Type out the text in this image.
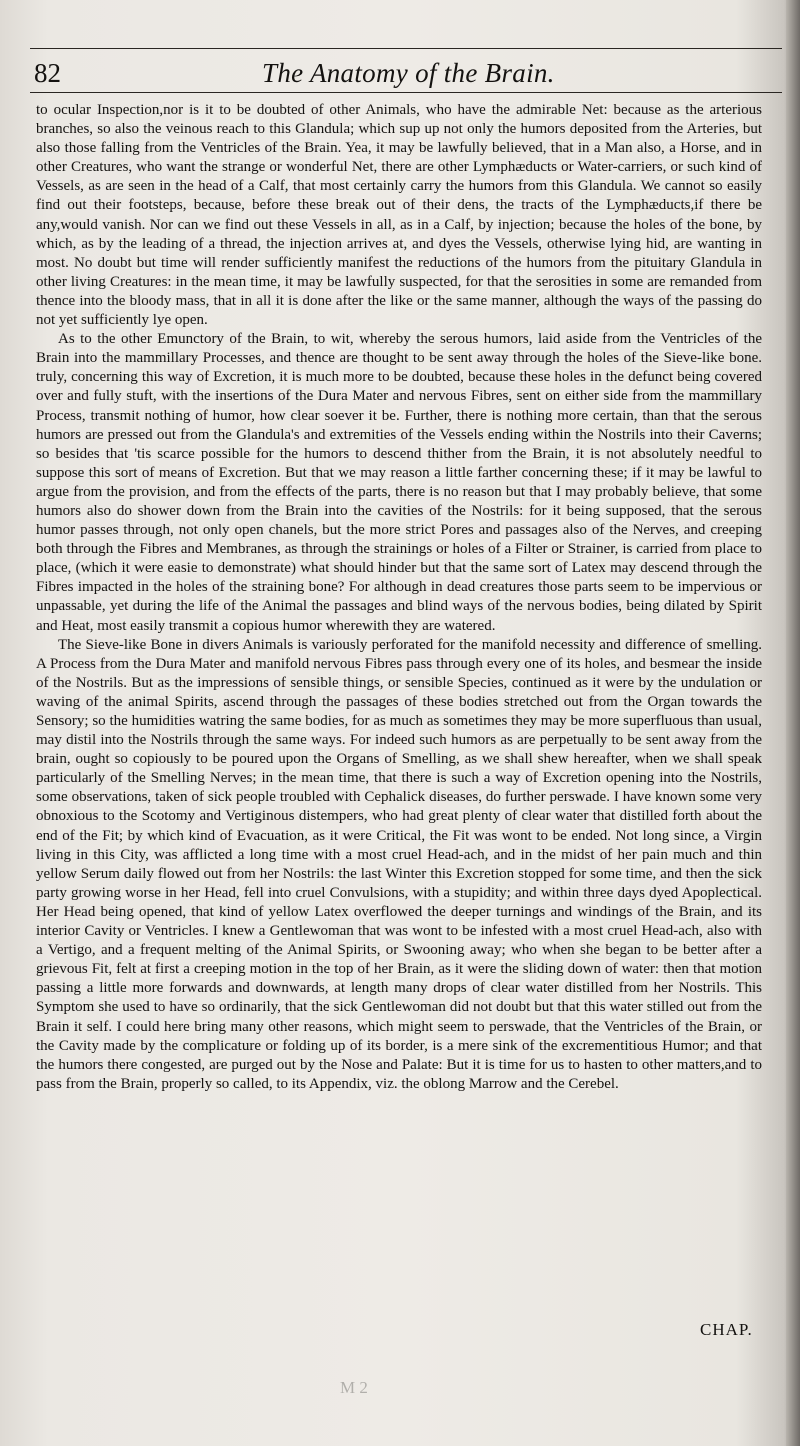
82	The Anatomy of the Brain.

to ocular Inspection,nor is it to be doubted of other Animals, who have the admirable Net: because as the arterious branches, so also the veinous reach to this Glandula; which sup up not only the humors deposited from the Arteries, but also those falling from the Ventricles of the Brain. Yea, it may be lawfully believed, that in a Man also, a Horse, and in other Creatures, who want the strange or wonderful Net, there are other Lymphæducts or Water-carriers, or such kind of Vessels, as are seen in the head of a Calf, that most certainly carry the humors from this Glandula. We cannot so easily find out their footsteps, because, before these break out of their dens, the tracts of the Lymphæducts,if there be any,would vanish. Nor can we find out these Vessels in all, as in a Calf, by injection; because the holes of the bone, by which, as by the leading of a thread, the injection arrives at, and dyes the Vessels, otherwise lying hid, are wanting in most. No doubt but time will render sufficiently manifest the reductions of the humors from the pituitary Glandula in other living Creatures: in the mean time, it may be lawfully suspected, for that the serosities in some are remanded from thence into the bloody mass, that in all it is done after the like or the same manner, although the ways of the passing do not yet sufficiently lye open.

As to the other Emunctory of the Brain, to wit, whereby the serous humors, laid aside from the Ventricles of the Brain into the mammillary Processes, and thence are thought to be sent away through the holes of the Sieve-like bone. truly, concerning this way of Excretion, it is much more to be doubted, because these holes in the defunct being covered over and fully stuft, with the insertions of the Dura Mater and nervous Fibres, sent on either side from the mammillary Process, transmit nothing of humor, how clear soever it be. Further, there is nothing more certain, than that the serous humors are pressed out from the Glandula's and extremities of the Vessels ending within the Nostrils into their Caverns; so besides that 'tis scarce possible for the humors to descend thither from the Brain, it is not absolutely needful to suppose this sort of means of Excretion. But that we may reason a little farther concerning these; if it may be lawful to argue from the provision, and from the effects of the parts, there is no reason but that I may probably believe, that some humors also do shower down from the Brain into the cavities of the Nostrils: for it being supposed, that the serous humor passes through, not only open chanels, but the more strict Pores and passages also of the Nerves, and creeping both through the Fibres and Membranes, as through the strainings or holes of a Filter or Strainer, is carried from place to place, (which it were easie to demonstrate) what should hinder but that the same sort of Latex may descend through the Fibres impacted in the holes of the straining bone? For although in dead creatures those parts seem to be impervious or unpassable, yet during the life of the Animal the passages and blind ways of the nervous bodies, being dilated by Spirit and Heat, most easily transmit a copious humor wherewith they are watered.

The Sieve-like Bone in divers Animals is variously perforated for the manifold necessity and difference of smelling. A Process from the Dura Mater and manifold nervous Fibres pass through every one of its holes, and besmear the inside of the Nostrils. But as the impressions of sensible things, or sensible Species, continued as it were by the undulation or waving of the animal Spirits, ascend through the passages of these bodies stretched out from the Organ towards the Sensory; so the humidities watring the same bodies, for as much as sometimes they may be more superfluous than usual, may distil into the Nostrils through the same ways. For indeed such humors as are perpetually to be sent away from the brain, ought so copiously to be poured upon the Organs of Smelling, as we shall shew hereafter, when we shall speak particularly of the Smelling Nerves; in the mean time, that there is such a way of Excretion opening into the Nostrils, some observations, taken of sick people troubled with Cephalick diseases, do further perswade. I have known some very obnoxious to the Scotomy and Vertiginous distempers, who had great plenty of clear water that distilled forth about the end of the Fit; by which kind of Evacuation, as it were Critical, the Fit was wont to be ended. Not long since, a Virgin living in this City, was afflicted a long time with a most cruel Head-ach, and in the midst of her pain much and thin yellow Serum daily flowed out from her Nostrils: the last Winter this Excretion stopped for some time, and then the sick party growing worse in her Head, fell into cruel Convulsions, with a stupidity; and within three days dyed Apoplectical. Her Head being opened, that kind of yellow Latex overflowed the deeper turnings and windings of the Brain, and its interior Cavity or Ventricles. I knew a Gentlewoman that was wont to be infested with a most cruel Head-ach, also with a Vertigo, and a frequent melting of the Animal Spirits, or Swooning away; who when she began to be better after a grievous Fit, felt at first a creeping motion in the top of her Brain, as it were the sliding down of water: then that motion passing a little more forwards and downwards, at length many drops of clear water distilled from her Nostrils. This Symptom she used to have so ordinarily, that the sick Gentlewoman did not doubt but that this water stilled out from the Brain it self. I could here bring many other reasons, which might seem to perswade, that the Ventricles of the Brain, or the Cavity made by the complicature or folding up of its border, is a mere sink of the excrementitious Humor; and that the humors there congested, are purged out by the Nose and Palate: But it is time for us to hasten to other matters,and to pass from the Brain, properly so called, to its Appendix, viz. the oblong Marrow and the Cerebel.

CHAP.
M 2
